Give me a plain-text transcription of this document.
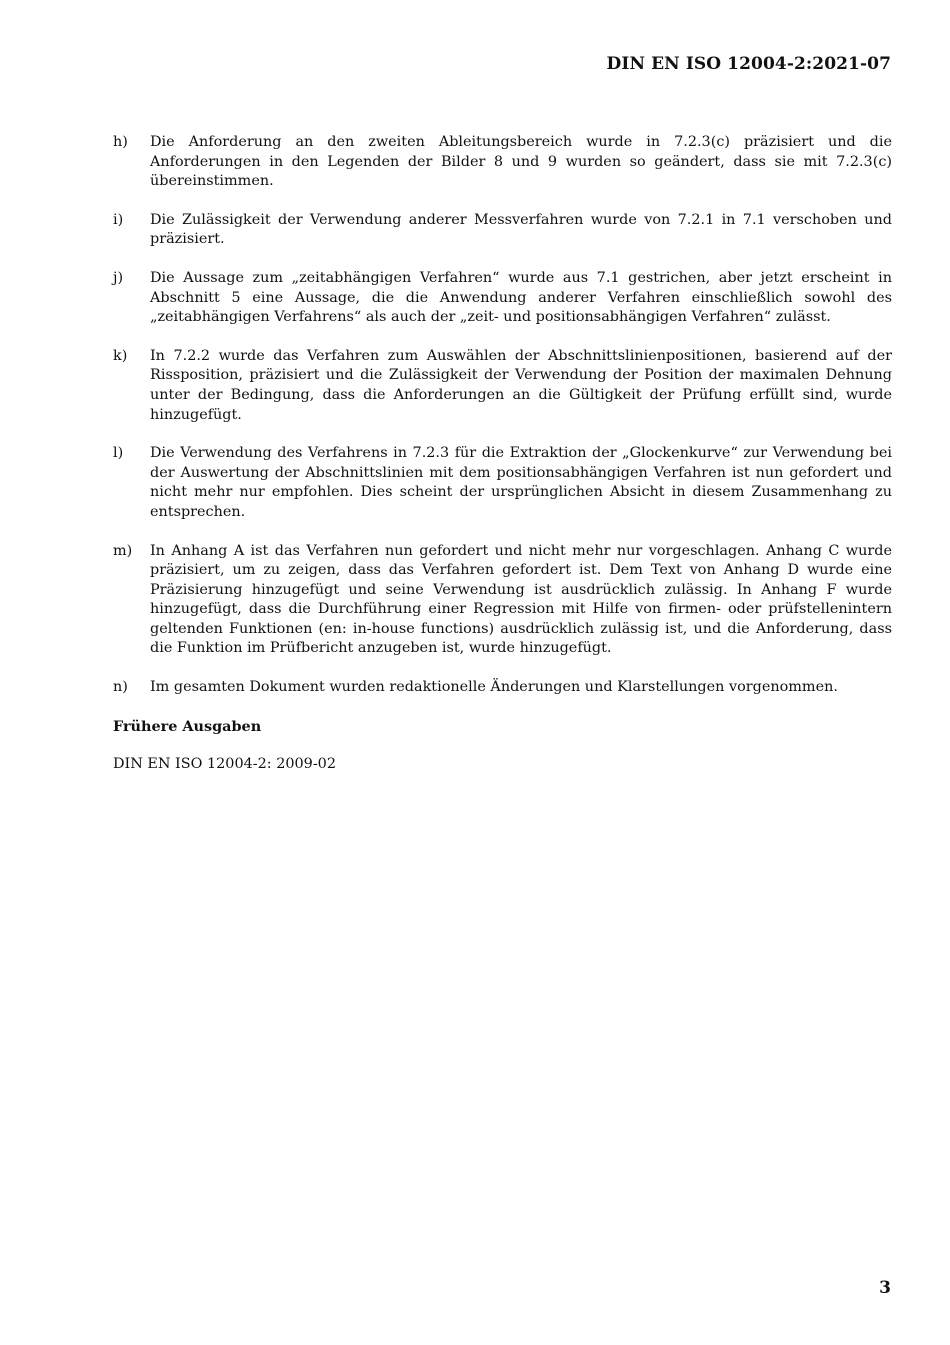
DIN EN ISO 12004-2:2021-07
h)	Die Anforderung an den zweiten Ableitungsbereich wurde in 7.2.3(c) präzisiert und die Anforderungen in den Legenden der Bilder 8 und 9 wurden so geändert, dass sie mit 7.2.3(c) übereinstimmen.
i)	Die Zulässigkeit der Verwendung anderer Messverfahren wurde von 7.2.1 in 7.1 verschoben und präzisiert.
j)	Die Aussage zum „zeitabhängigen Verfahren“ wurde aus 7.1 gestrichen, aber jetzt erscheint in Abschnitt 5 eine Aussage, die die Anwendung anderer Verfahren einschließlich sowohl des „zeitabhängigen Verfahrens“ als auch der „zeit- und positionsabhängigen Verfahren“ zulässt.
k)	In 7.2.2 wurde das Verfahren zum Auswählen der Abschnittslinienpositionen, basierend auf der Rissposition, präzisiert und die Zulässigkeit der Verwendung der Position der maximalen Dehnung unter der Bedingung, dass die Anforderungen an die Gültigkeit der Prüfung erfüllt sind, wurde hinzugefügt.
l)	Die Verwendung des Verfahrens in 7.2.3 für die Extraktion der „Glockenkurve“ zur Verwendung bei der Auswertung der Abschnittslinien mit dem positionsabhängigen Verfahren ist nun gefordert und nicht mehr nur empfohlen. Dies scheint der ursprünglichen Absicht in diesem Zusammenhang zu entsprechen.
m)	In Anhang A ist das Verfahren nun gefordert und nicht mehr nur vorgeschlagen. Anhang C wurde präzisiert, um zu zeigen, dass das Verfahren gefordert ist. Dem Text von Anhang D wurde eine Präzisierung hinzugefügt und seine Verwendung ist ausdrücklich zulässig. In Anhang F wurde hinzugefügt, dass die Durchführung einer Regression mit Hilfe von firmen- oder prüfstellenintern geltenden Funktionen (en: in-house functions) ausdrücklich zulässig ist, und die Anforderung, dass die Funktion im Prüfbericht anzugeben ist, wurde hinzugefügt.
n)	Im gesamten Dokument wurden redaktionelle Änderungen und Klarstellungen vorgenommen.
Frühere Ausgaben

DIN EN ISO 12004-2: 2009-02

3
